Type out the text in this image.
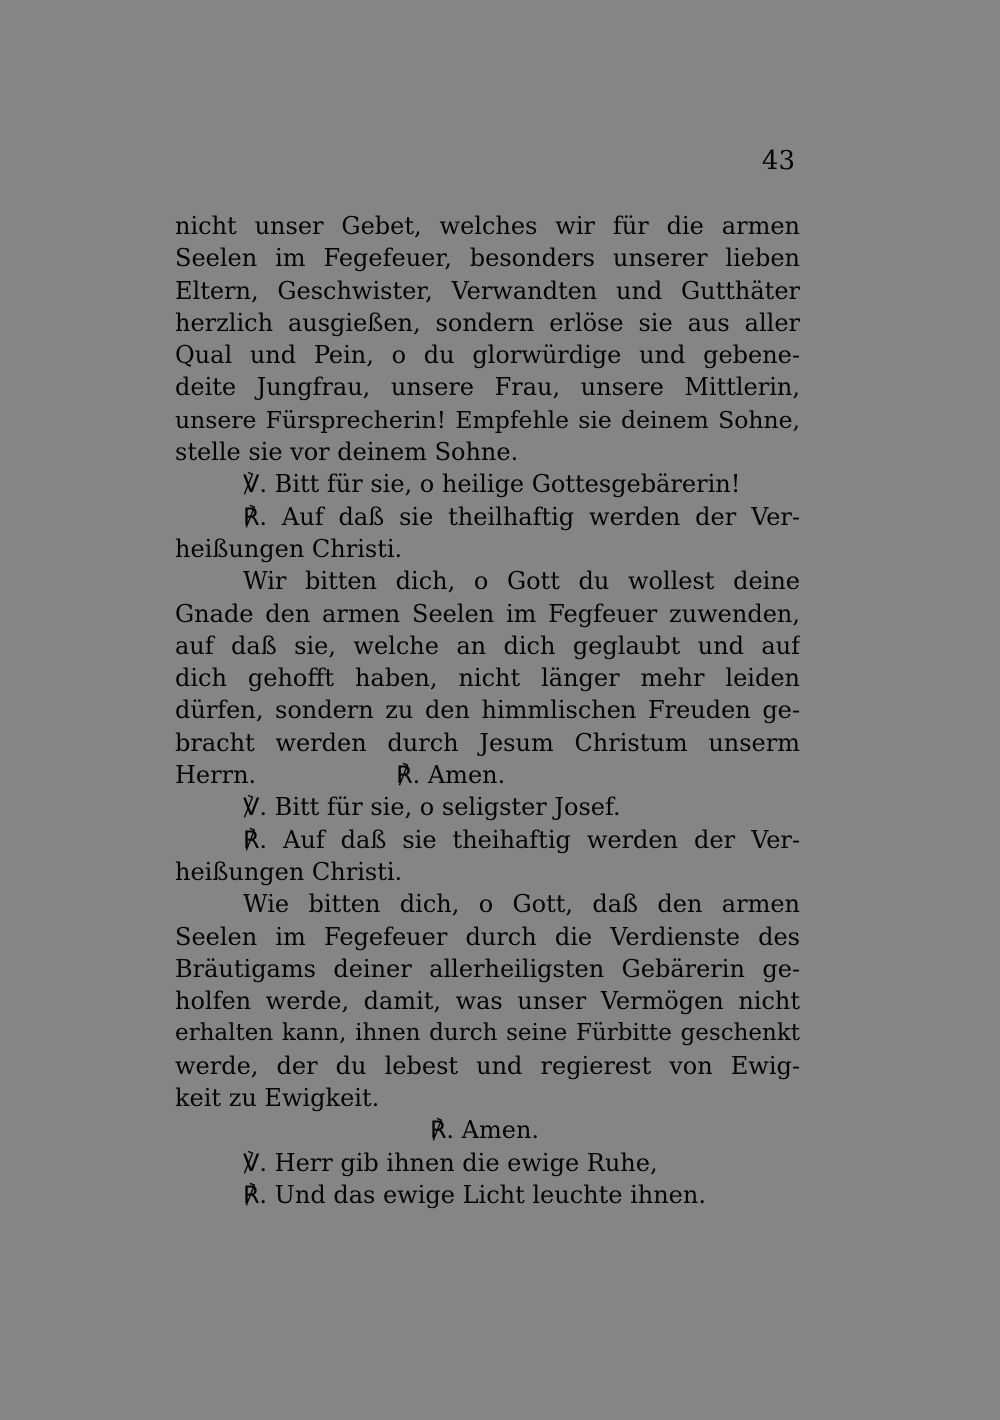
43
nicht unser Gebet, welches wir für die armen
Seelen im Fegefeuer, besonders unserer lieben
Eltern, Geschwister, Verwandten und Gutthäter
herzlich ausgießen, sondern erlöse sie aus aller
Qual und Pein, o du glorwürdige und gebene-
deite Jungfrau, unsere Frau, unsere Mittlerin,
unsere Fürsprecherin! Empfehle sie deinem Sohne,
stelle sie vor deinem Sohne.
℣. Bitt für sie, o heilige Gottesgebärerin!
℟. Auf daß sie theilhaftig werden der Ver-
heißungen Christi.
Wir bitten dich, o Gott du wollest deine
Gnade den armen Seelen im Fegfeuer zuwenden,
auf daß sie, welche an dich geglaubt und auf
dich gehofft haben, nicht länger mehr leiden
dürfen, sondern zu den himmlischen Freuden ge-
bracht werden durch Jesum Christum unserm
Herrn.	℟. Amen.
℣. Bitt für sie, o seligster Josef.
℟. Auf daß sie theihaftig werden der Ver-
heißungen Christi.
Wie bitten dich, o Gott, daß den armen
Seelen im Fegefeuer durch die Verdienste des
Bräutigams deiner allerheiligsten Gebärerin ge-
holfen werde, damit, was unser Vermögen nicht
erhalten kann, ihnen durch seine Fürbitte geschenkt
werde, der du lebest und regierest von Ewig-
keit zu Ewigkeit.
℟. Amen.
℣. Herr gib ihnen die ewige Ruhe,
℟. Und das ewige Licht leuchte ihnen.
